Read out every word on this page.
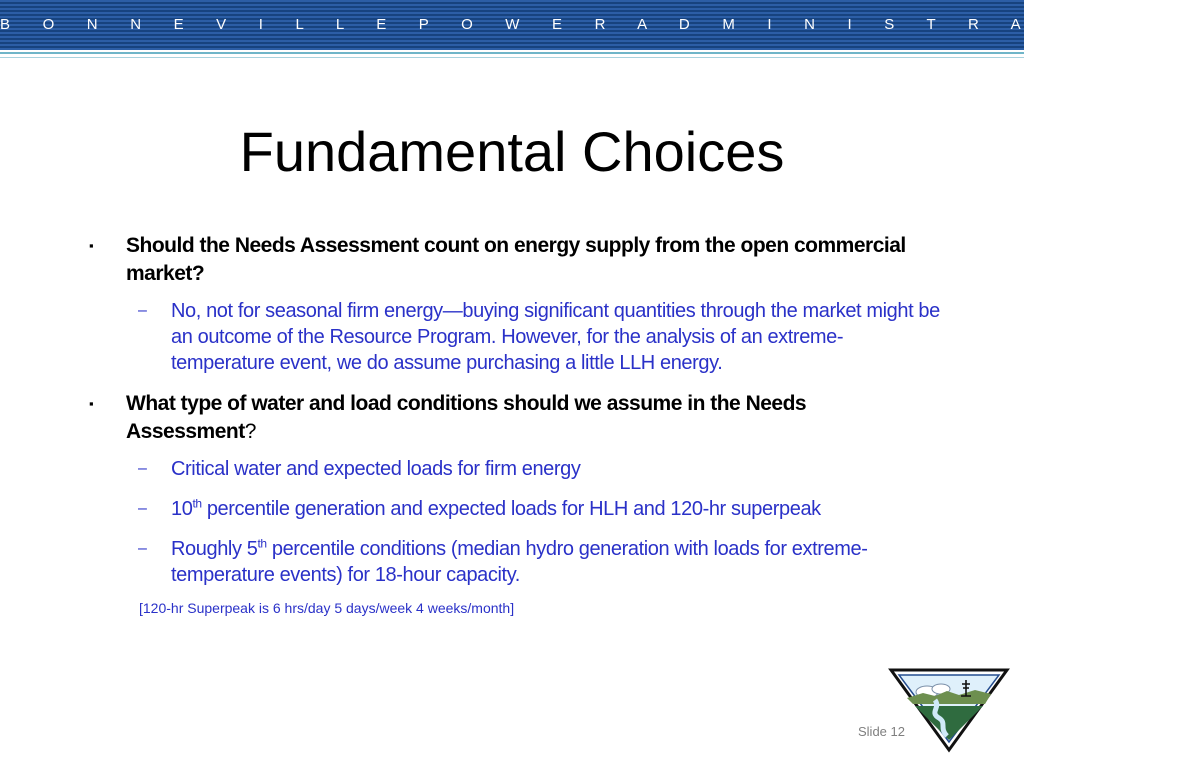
B O N N E V I L L E P O W E R A D M I N I S T R A T I O N
Fundamental Choices
▪ Should the Needs Assessment count on energy supply from the open commercial market?
– No, not for seasonal firm energy—buying significant quantities through the market might be an outcome of the Resource Program. However, for the analysis of an extreme-temperature event, we do assume purchasing a little LLH energy.
▪ What type of water and load conditions should we assume in the Needs Assessment?
– Critical water and expected loads for firm energy
– 10th percentile generation and expected loads for HLH and 120-hr superpeak
– Roughly 5th percentile conditions (median hydro generation with loads for extreme-temperature events) for 18-hour capacity.
[120-hr Superpeak is 6 hrs/day 5 days/week 4 weeks/month]
Slide 12
